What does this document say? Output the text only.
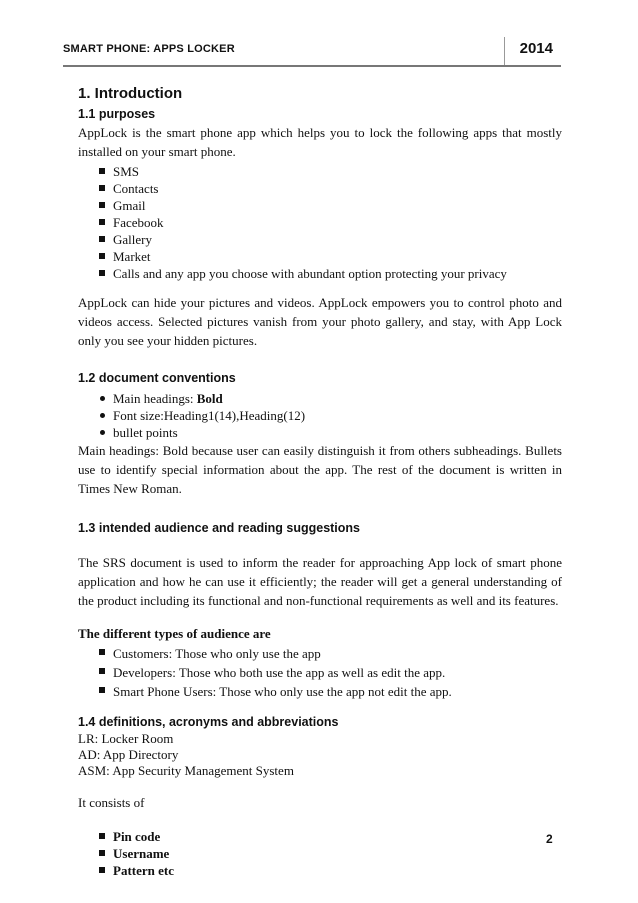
SMART PHONE: APPS LOCKER	2014
1. Introduction
1.1 purposes

AppLock is the smart phone app which helps you to lock the following apps that mostly installed on your smart phone.

SMS
Contacts
Gmail
Facebook
Gallery
Market
Calls and any app you choose with abundant option protecting your privacy

AppLock can hide your pictures and videos. AppLock empowers you to control photo and videos access. Selected pictures vanish from your photo gallery, and stay, with App Lock only you see your hidden pictures.

1.2 document conventions
Main headings: Bold
Font size:Heading1(14),Heading(12)
bullet points

Main headings: Bold because user can easily distinguish it from others subheadings. Bullets use to identify special information about the app. The rest of the document is written in Times New Roman.

1.3 intended audience and reading suggestions

The SRS document is used to inform the reader for approaching App lock of smart phone application and how he can use it efficiently; the reader will get a general understanding of the product including its functional and non-functional requirements as well and its features.

The different types of audience are

Customers: Those who only use the app
Developers: Those who both use the app as well as edit the app.
Smart Phone Users: Those who only use the app not edit the app.
1.4 definitions, acronyms and abbreviations
LR: Locker Room
AD: App Directory
ASM: App Security Management System
It consists of
Pin code
Username
Pattern etc
2
